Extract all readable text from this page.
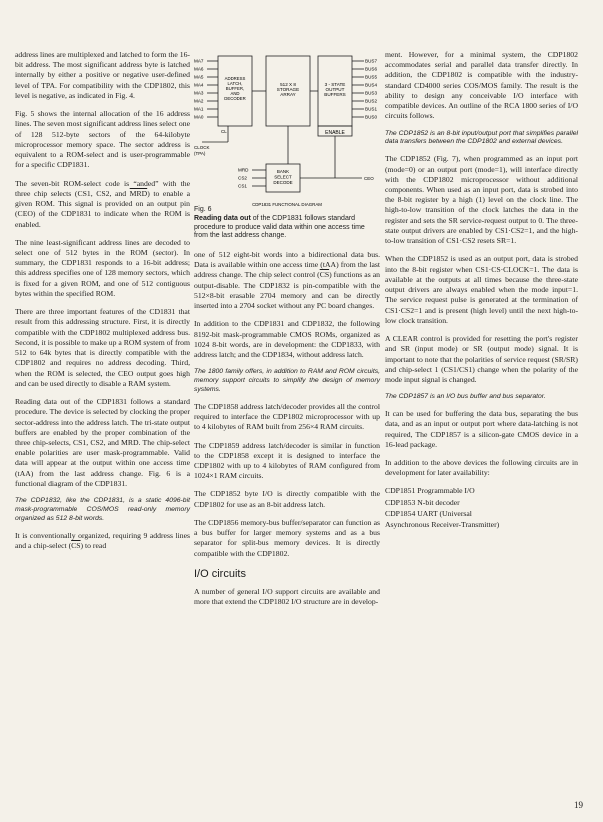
address lines are multiplexed and latched to form the 16-bit address. The most significant address byte is latched internally by either a positive or negative user-defined level of TPA. For compatibility with the CDP1802, this level is negative, as indicated in Fig. 4.

Fig. 5 shows the internal allocation of the 16 address lines. The seven most significant address lines select one of 128 512-byte sectors of the 64-kilobyte microprocessor memory space. The sector address is equivalent to a ROM-select and is user-programmable for a specific CDP1831.

The seven-bit ROM-select code is “anded” with the three chip selects (CS1, CS2, and $\overline{MRD}$) to enable a given ROM. This signal is provided on an output pin (CEO) of the CDP1831 to indicate when the ROM is enabled.

The nine least-significant address lines are decoded to select one of 512 bytes in the ROM (sector). In summary, the CDP1831 responds to a 16-bit address; this address specifies one of 128 memory sectors, which is fixed for a given ROM, and one of 512 contiguous bytes within the specified ROM.

There are three important features of the CD1831 that result from this addressing structure. First, it is directly compatible with the CDP1802 multiplexed address bus. Second, it is possible to make up a ROM system of from 512 to 64k bytes that is directly compatible with the CDP1802 and requires no address decoding. Third, when the ROM is selected, the CEO output goes high and can be used directly to disable a RAM system.

Reading data out of the CDP1831 follows a standard procedure. The device is selected by clocking the proper sector-address into the address latch. The tri-state output buffers are enabled by the proper combination of the three chip-selects, CS1, CS2, and MRD. The chip-select enable polarities are user mask-programmable. Valid data will appear at the output within one access time (tAA) from the last address change. Fig. 6 is a functional diagram of the CDP1831.

The CDP1832, like the CDP1831, is a static 4096-bit mask-programmable COS/MOS read-only memory organized as 512 8-bit words.

It is conventionally organized, requiring 9 address lines and a chip-select $(\overline{CS})$ to read

MA7
MA6
MA5
MA4
MA3
MA2
MA1
MA0
BUS7
BUS6
BUS5
BUS4
BUS3
BUS2
BUS1
BUS0
ADDRESS
LATCH,
BUFFER,
AND
DECODER
512 X 8
STORAGE
ARRAY
3 - STATE
OUTPUT
BUFFERS
ENABLE
CL
CLOCK
(TPA)
BANK
SELECT
DECODE
MRD
CS2
CS1
CEO
CDP1831 FUNCTIONAL DIAGRAM
Fig. 6
Reading data out of the CDP1831 follows standard procedure to produce valid data within one access time from the last address change.

one of 512 eight-bit words into a bidirectional data bus. Data is available within one access time (tAA) from the last address change. The chip select control $(\overline{CS})$ functions as an output-disable. The CDP1832 is pin-compatible with the 512×8-bit erasable 2704 memory and can be directly inserted into a 2704 socket without any PC board changes.

In addition to the CDP1831 and CDP1832, the following 8192-bit mask-programmable CMOS ROMs, organized as 1024 8-bit words, are in development: the CDP1833, with address latch; and the CDP1834, without address latch.

The 1800 family offers, in addition to RAM and ROM circuits, memory support circuits to simplify the design of memory systems.

The CDP1858 address latch/decoder provides all the control required to interface the CDP1802 microprocessor with up to 4 kilobytes of RAM built from 256×4 RAM circuits.

The CDP1859 address latch/decoder is similar in function to the CDP1858 except it is designed to interface the CDP1802 with up to 4 kilobytes of RAM configured from 1024×1 RAM circuits.

The CDP1852 byte I/O is directly compatible with the CDP1802 for use as an 8-bit address latch.

The CDP1856 memory-bus buffer/separator can function as a bus buffer for larger memory systems and as a bus separator for split-bus memory devices. It is directly compatible with the CDP1802.

I/O circuits

A number of general I/O support circuits are available and more that extend the CDP1802 I/O structure are in develop-

ment. However, for a minimal system, the CDP1802 accommodates serial and parallel data transfer directly. In addition, the CDP1802 is compatible with the industry-standard CD4000 series COS/MOS family. The result is the ability to design any conceivable I/O interface with compatible devices. An outline of the RCA 1800 series of I/O circuits follows.

The CDP1852 is an 8-bit input/output port that simplifies parallel data transfers between the CDP1802 and external devices.

The CDP1852 (Fig. 7), when programmed as an input port (mode=0) or an output port (mode=1), will interface directly with the CDP1802 microprocessor without additional components. When used as an input port, data is strobed into the 8-bit register by a high (1) level on the clock line. The high-to-low transition of the clock latches the data in the register and sets the SR service-request output to 0. The three-state output drivers are enabled by CS1·CS2=1, and the high-to-low transition of CS1·CS2 resets SR=1.

When the CDP1852 is used as an output port, data is strobed into the 8-bit register when CS1·CS·CLOCK=1. The data is available at the outputs at all times because the three-state output drivers are always enabled when the mode input=1. The service request pulse is generated at the termination of CS1·CS2=1 and is present (high level) until the next high-to-low clock transition.

A CLEAR control is provided for resetting the port's register and SR (input mode) or SR (output mode) signal. It is important to note that the polarities of service request (SR/SR) and chip-select 1 (CS1/CS1) change when the polarity of the mode input signal is changed.

The CDP1857 is an I/O bus buffer and bus separator.

It can be used for buffering the data bus, separating the bus data, and as an input or output port where data-latching is not required, The CDP1857 is a silicon-gate CMOS device in a 16-lead package.

In addition to the above devices the following circuits are in development for later availability:

CDP1851 Programmable I/O

CDP1853 N-bit decoder

CDP1854 UART (Universal

Asynchronous Receiver-Transmitter)

19
